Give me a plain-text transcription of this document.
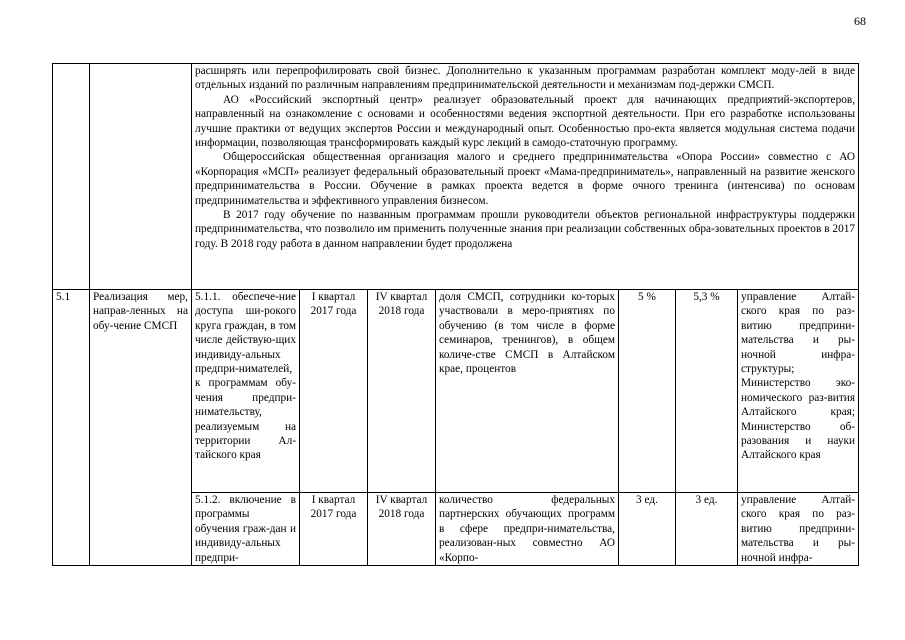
68

		расширять или перепрофилировать свой бизнес. Дополнительно к указанным программам разработан комплект моду-лей в виде отдельных изданий по различным направлениям предпринимательской деятельности и механизмам под-держки СМСП.

АО «Российский экспортный центр» реализует образовательный проект для начинающих предприятий-экспортеров, направленный на ознакомление с основами и особенностями ведения экспортной деятельности. При его разработке использованы лучшие практики от ведущих экспертов России и международный опыт. Особенностью про-екта является модульная система подачи информации, позволяющая трансформировать каждый курс лекций в самодо-статочную программу.

Общероссийская общественная организация малого и среднего предпринимательства «Опора России» совместно с АО «Корпорация «МСП» реализует федеральный образовательный проект «Мама-предприниматель», направленный на развитие женского предпринимательства в России. Обучение в рамках проекта ведется в форме очного тренинга (интенсива) по основам предпринимательства и эффективного управления бизнесом.

В 2017 году обучение по названным программам прошли руководители объектов региональной инфраструктуры поддержки предпринимательства, что позволило им применить полученные знания при реализации собственных обра-зовательных проектов в 2017 году. В 2018 году работа в данном направлении будет продолжена						

5.1	Реализация мер, направ-ленных на обу-чение СМСП	5.1.1. обеспече-ние доступа ши-рокого круга граждан, в том числе действую-щих индивиду-альных предпри-нимателей, к программам обу-чения предпри-нимательству, реализуемым на территории Ал-тайского края	I квартал 2017 года	IV квартал 2018 года	доля СМСП, сотрудники ко-торых участвовали в меро-приятиях по обучению (в том числе в форме семинаров, тренингов), в общем количе-стве СМСП в Алтайском крае, процентов	5 %	5,3 %	управление Алтай-ского края по раз-витию предприни-мательства и ры-ночной инфра-структуры; Министерство эко-номического раз-вития Алтайского края; Министерство об-разования и науки Алтайского края

		5.1.2. включение в программы обучения граж-дан и индивиду-альных предпри-	I квартал 2017 года	IV квартал 2018 года	количество федеральных партнерских обучающих программ в сфере предпри-нимательства, реализован-ных совместно АО «Корпо-	3 ед.	3 ед.	управление Алтай-ского края по раз-витию предприни-мательства и ры-ночной инфра-
